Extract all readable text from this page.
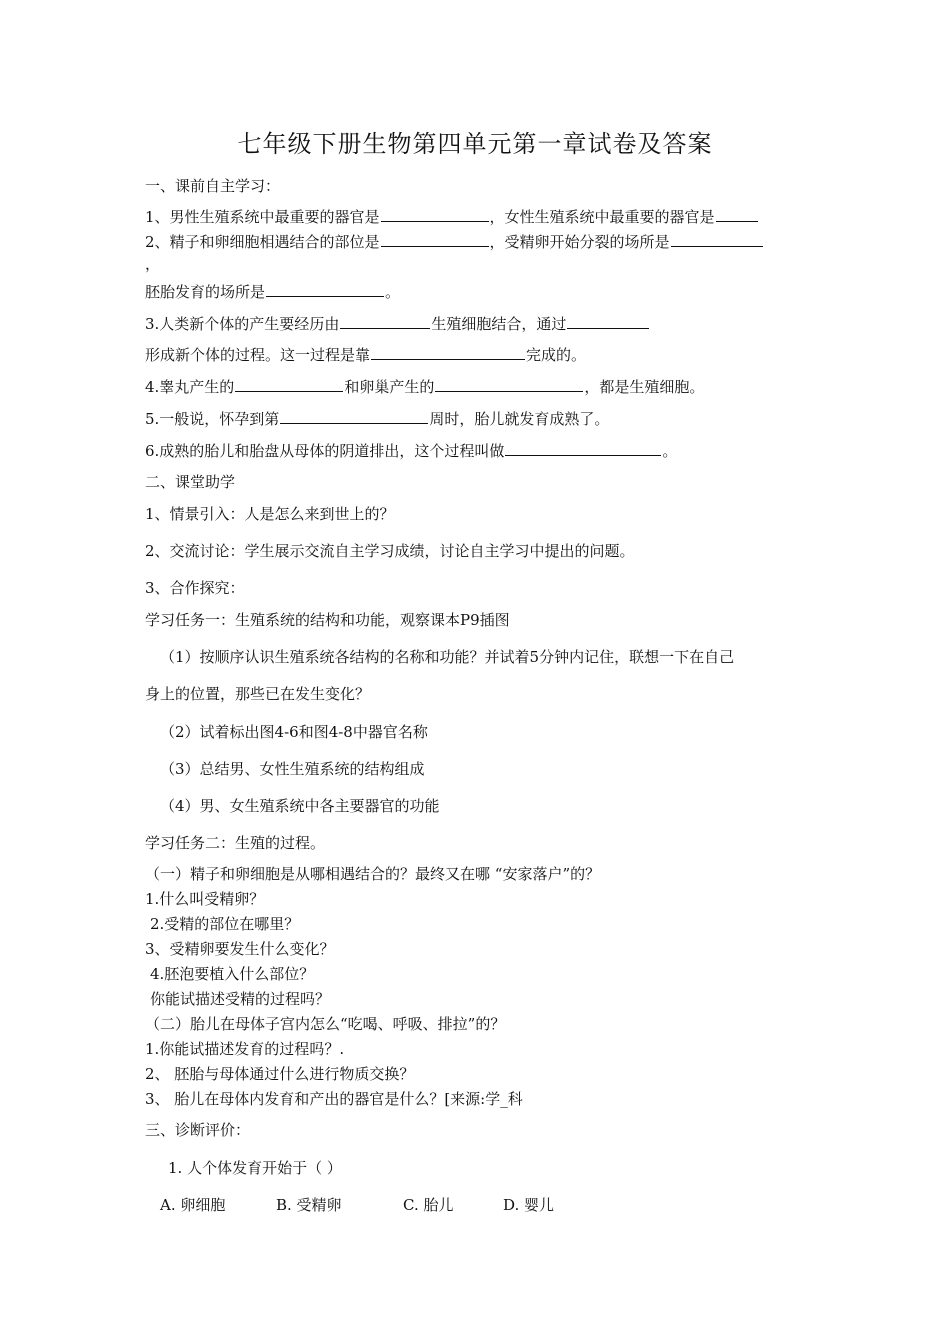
七年级下册生物第四单元第一章试卷及答案
一、课前自主学习：
1、男性生殖系统中最重要的器官是	，女性生殖系统中最重要的器官是
2、精子和卵细胞相遇结合的部位是	，受精卵开始分裂的场所是
，
胚胎发育的场所是	。
3.人类新个体的产生要经历由	生殖细胞结合，通过
形成新个体的过程。这一过程是靠	完成的。
4.睾丸产生的	和卵巢产生的	，都是生殖细胞。
5.一般说，怀孕到第	周时，胎儿就发育成熟了。
6.成熟的胎儿和胎盘从母体的阴道排出，这个过程叫做	。
二、课堂助学
1、情景引入：人是怎么来到世上的？
2、交流讨论：学生展示交流自主学习成绩，讨论自主学习中提出的问题。
3、合作探究：
学习任务一：生殖系统的结构和功能，观察课本P9插图
（1）按顺序认识生殖系统各结构的名称和功能？并试着5分钟内记住，联想一下在自己
身上的位置，那些已在发生变化？
（2）试着标出图4-6和图4-8中器官名称
（3）总结男、女性生殖系统的结构组成
（4）男、女生殖系统中各主要器官的功能
学习任务二：生殖的过程。
（一）精子和卵细胞是从哪相遇结合的？最终又在哪 “安家落户”的？
1.什么叫受精卵？
2.受精的部位在哪里？
3、受精卵要发生什么变化？
4.胚泡要植入什么部位？
你能试描述受精的过程吗？
（二）胎儿在母体子宫内怎么“吃喝、呼吸、排拉”的？
1.你能试描述发育的过程吗？.
2、 胚胎与母体通过什么进行物质交换？
3、 胎儿在母体内发育和产出的器官是什么？[来源:学_科
三、诊断评价：
1. 人个体发育开始于（ ）
A. 卵细胞	B. 受精卵	C. 胎儿	D. 婴儿
